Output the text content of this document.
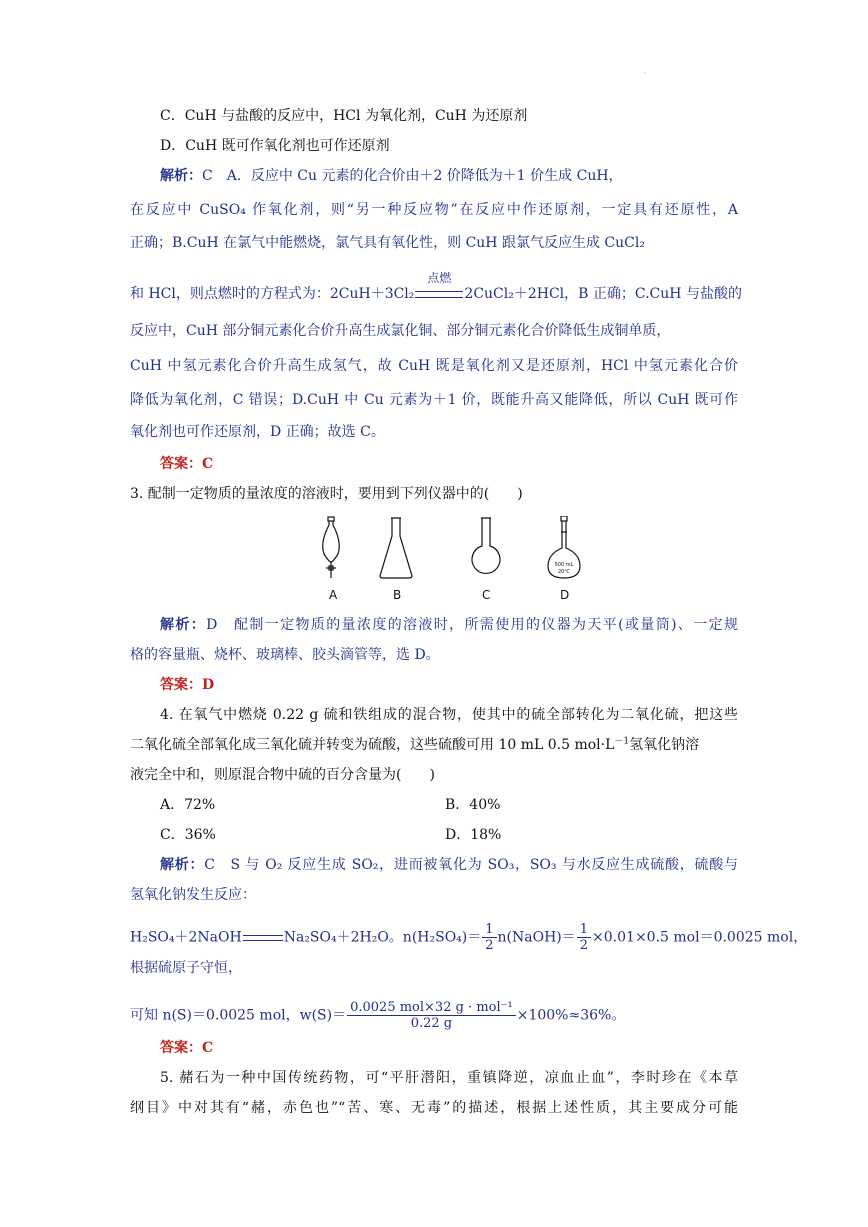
·
C．CuH 与盐酸的反应中，HCl 为氧化剂，CuH 为还原剂
D．CuH 既可作氧化剂也可作还原剂
解析：C　A．反应中 Cu 元素的化合价由＋2 价降低为＋1 价生成 CuH，
在反应中 CuSO₄ 作氧化剂，则“另一种反应物”在反应中作还原剂，一定具有还原性，A
正确；B.CuH 在氯气中能燃烧，氯气具有氧化性，则 CuH 跟氯气反应生成 CuCl₂
和 HCl，则点燃时的方程式为：2CuH＋3Cl₂
点燃
2CuCl₂＋2HCl，B 正确；C.CuH 与盐酸的
反应中，CuH 部分铜元素化合价升高生成氯化铜、部分铜元素化合价降低生成铜单质，
CuH 中氢元素化合价升高生成氢气，故 CuH 既是氧化剂又是还原剂，HCl 中氢元素化合价
降低为氧化剂，C 错误；D.CuH 中 Cu 元素为＋1 价，既能升高又能降低，所以 CuH 既可作
氧化剂也可作还原剂，D 正确；故选 C。
答案：C
3. 配制一定物质的量浓度的溶液时，要用到下列仪器中的(　　)
500 mL
20℃
A	B	C	D
解析：D　配制一定物质的量浓度的溶液时，所需使用的仪器为天平(或量筒)、一定规
格的容量瓶、烧杯、玻璃棒、胶头滴管等，选 D。
答案：D
4. 在氧气中燃烧 0.22 g 硫和铁组成的混合物，使其中的硫全部转化为二氧化硫，把这些
二氧化硫全部氧化成三氧化硫并转变为硫酸，这些硫酸可用 10 mL 0.5 $mol\cdot L^{-1}$氢氧化钠溶
液完全中和，则原混合物中硫的百分含量为(　　)
A．72%	B．40%
C．36%	D．18%
解析：C　S 与 O₂ 反应生成 SO₂，进而被氧化为 SO₃，SO₃ 与水反应生成硫酸，硫酸与
氢氧化钠发生反应：
H₂SO₄＋2NaOH	Na₂SO₄＋2H₂O。$n(H_2SO_4)= \frac{1}{2}$ n(NaOH)＝ $\frac{1}{2} \times 0.01\times 0.5$ mol＝0.0025 mol，
根据硫原子守恒，
可知 n(S)＝0.0025 mol，$w(S)= \frac{\text{0.0025 mol×32 g · mol⁻¹}}{0.22 g} \times 100\%\approx 36\%$。
答案：C
5. 赭石为一种中国传统药物，可“平肝潜阳，重镇降逆，凉血止血”，李时珍在《本草
纲目》中对其有“赭，赤色也”“苦、寒、无毒”的描述，根据上述性质，其主要成分可能
